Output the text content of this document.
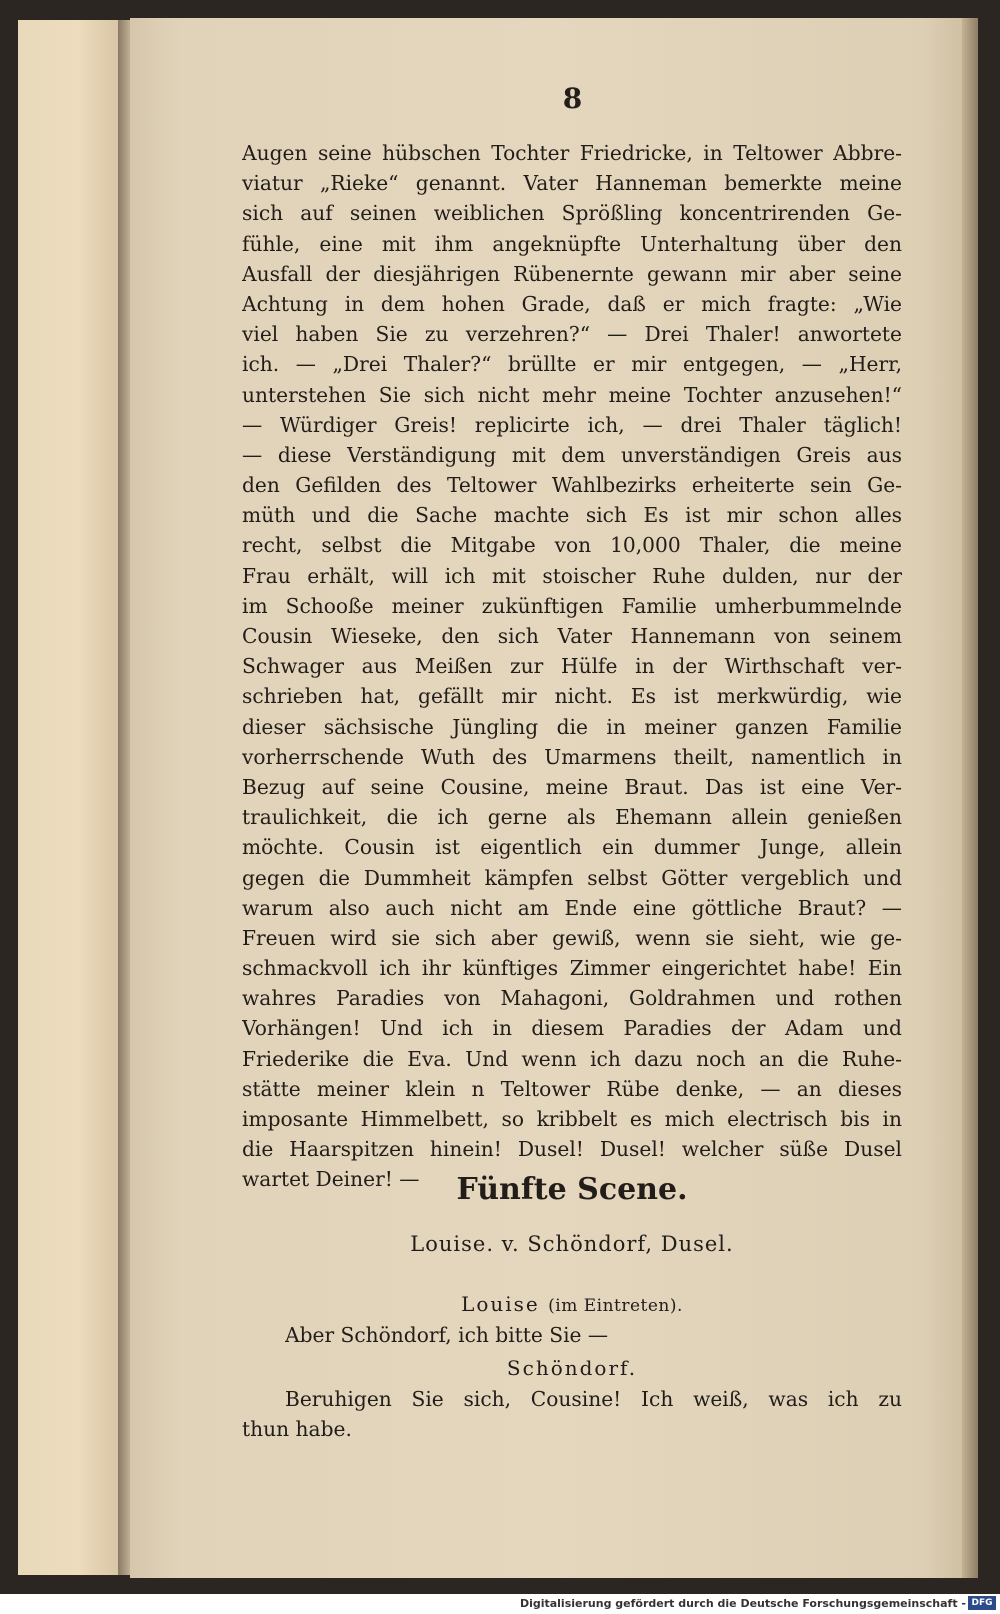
8
Augen seine hübschen Tochter Friedricke, in Teltower Abbre-
viatur „Rieke“ genannt. Vater Hanneman bemerkte meine
sich auf seinen weiblichen Sprößling koncentrirenden Ge-
fühle, eine mit ihm angeknüpfte Unterhaltung über den
Ausfall der diesjährigen Rübenernte gewann mir aber seine
Achtung in dem hohen Grade, daß er mich fragte: „Wie
viel haben Sie zu verzehren?“ — Drei Thaler! anwortete
ich. — „Drei Thaler?“ brüllte er mir entgegen, — „Herr,
unterstehen Sie sich nicht mehr meine Tochter anzusehen!“
— Würdiger Greis! replicirte ich, — drei Thaler täglich!
— diese Verständigung mit dem unverständigen Greis aus
den Gefilden des Teltower Wahlbezirks erheiterte sein Ge-
müth und die Sache machte sich Es ist mir schon alles
recht, selbst die Mitgabe von 10,000 Thaler, die meine
Frau erhält, will ich mit stoischer Ruhe dulden, nur der
im Schooße meiner zukünftigen Familie umherbummelnde
Cousin Wieseke, den sich Vater Hannemann von seinem
Schwager aus Meißen zur Hülfe in der Wirthschaft ver-
schrieben hat, gefällt mir nicht. Es ist merkwürdig, wie
dieser sächsische Jüngling die in meiner ganzen Familie
vorherrschende Wuth des Umarmens theilt, namentlich in
Bezug auf seine Cousine, meine Braut. Das ist eine Ver-
traulichkeit, die ich gerne als Ehemann allein genießen
möchte. Cousin ist eigentlich ein dummer Junge, allein
gegen die Dummheit kämpfen selbst Götter vergeblich und
warum also auch nicht am Ende eine göttliche Braut? —
Freuen wird sie sich aber gewiß, wenn sie sieht, wie ge-
schmackvoll ich ihr künftiges Zimmer eingerichtet habe! Ein
wahres Paradies von Mahagoni, Goldrahmen und rothen
Vorhängen! Und ich in diesem Paradies der Adam und
Friederike die Eva. Und wenn ich dazu noch an die Ruhe-
stätte meiner klein n Teltower Rübe denke, — an dieses
imposante Himmelbett, so kribbelt es mich electrisch bis in
die Haarspitzen hinein! Dusel! Dusel! welcher süße Dusel
wartet Deiner! —	Fünfte Scene.
Louise. v. Schöndorf, Dusel.
Louise (im Eintreten).
Aber Schöndorf, ich bitte Sie —
Schöndorf.
Beruhigen Sie sich, Cousine! Ich weiß, was ich zu
thun habe.
Digitalisierung gefördert durch die Deutsche Forschungsgemeinschaft - DFG
